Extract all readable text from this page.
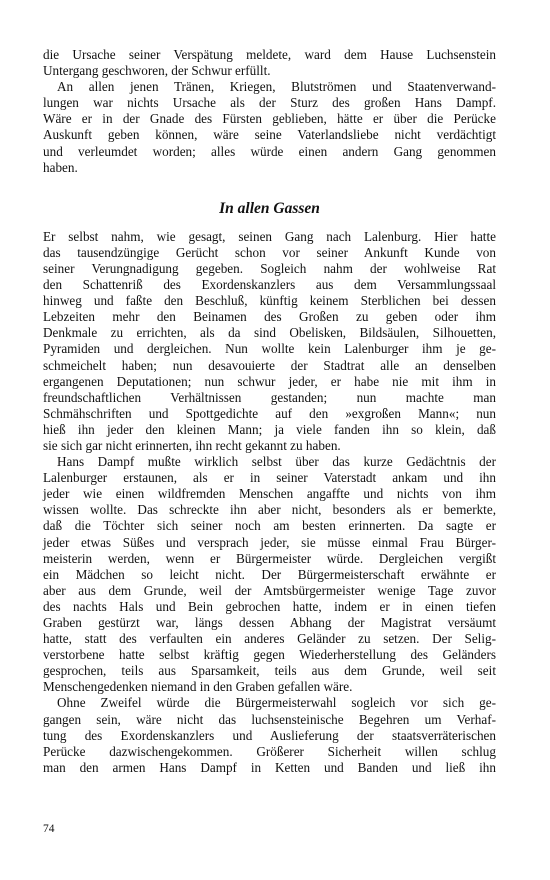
die Ursache seiner Verspätung meldete, ward dem Hause Luchsenstein
Untergang geschworen, der Schwur erfüllt.

An allen jenen Tränen, Kriegen, Blutströmen und Staatenverwand-
lungen war nichts Ursache als der Sturz des großen Hans Dampf.
Wäre er in der Gnade des Fürsten geblieben, hätte er über die Perücke
Auskunft geben können, wäre seine Vaterlandsliebe nicht verdächtigt
und verleumdet worden; alles würde einen andern Gang genommen
haben.

In allen Gassen

Er selbst nahm, wie gesagt, seinen Gang nach Lalenburg. Hier hatte
das tausendzüngige Gerücht schon vor seiner Ankunft Kunde von
seiner Verungnadigung gegeben. Sogleich nahm der wohlweise Rat
den Schattenriß des Exordenskanzlers aus dem Versammlungssaal
hinweg und faßte den Beschluß, künftig keinem Sterblichen bei dessen
Lebzeiten mehr den Beinamen des Großen zu geben oder ihm
Denkmale zu errichten, als da sind Obelisken, Bildsäulen, Silhouetten,
Pyramiden und dergleichen. Nun wollte kein Lalenburger ihm je ge-
schmeichelt haben; nun desavouierte der Stadtrat alle an denselben
ergangenen Deputationen; nun schwur jeder, er habe nie mit ihm in
freundschaftlichen Verhältnissen gestanden; nun machte man
Schmähschriften und Spottgedichte auf den »exgroßen Mann«; nun
hieß ihn jeder den kleinen Mann; ja viele fanden ihn so klein, daß
sie sich gar nicht erinnerten, ihn recht gekannt zu haben.

Hans Dampf mußte wirklich selbst über das kurze Gedächtnis der
Lalenburger erstaunen, als er in seiner Vaterstadt ankam und ihn
jeder wie einen wildfremden Menschen angaffte und nichts von ihm
wissen wollte. Das schreckte ihn aber nicht, besonders als er bemerkte,
daß die Töchter sich seiner noch am besten erinnerten. Da sagte er
jeder etwas Süßes und versprach jeder, sie müsse einmal Frau Bürger-
meisterin werden, wenn er Bürgermeister würde. Dergleichen vergißt
ein Mädchen so leicht nicht. Der Bürgermeisterschaft erwähnte er
aber aus dem Grunde, weil der Amtsbürgermeister wenige Tage zuvor
des nachts Hals und Bein gebrochen hatte, indem er in einen tiefen
Graben gestürzt war, längs dessen Abhang der Magistrat versäumt
hatte, statt des verfaulten ein anderes Geländer zu setzen. Der Selig-
verstorbene hatte selbst kräftig gegen Wiederherstellung des Geländers
gesprochen, teils aus Sparsamkeit, teils aus dem Grunde, weil seit
Menschengedenken niemand in den Graben gefallen wäre.

Ohne Zweifel würde die Bürgermeisterwahl sogleich vor sich ge-
gangen sein, wäre nicht das luchsensteinische Begehren um Verhaf-
tung des Exordenskanzlers und Auslieferung der staatsverräterischen
Perücke dazwischengekommen. Größerer Sicherheit willen schlug
man den armen Hans Dampf in Ketten und Banden und ließ ihn

74
